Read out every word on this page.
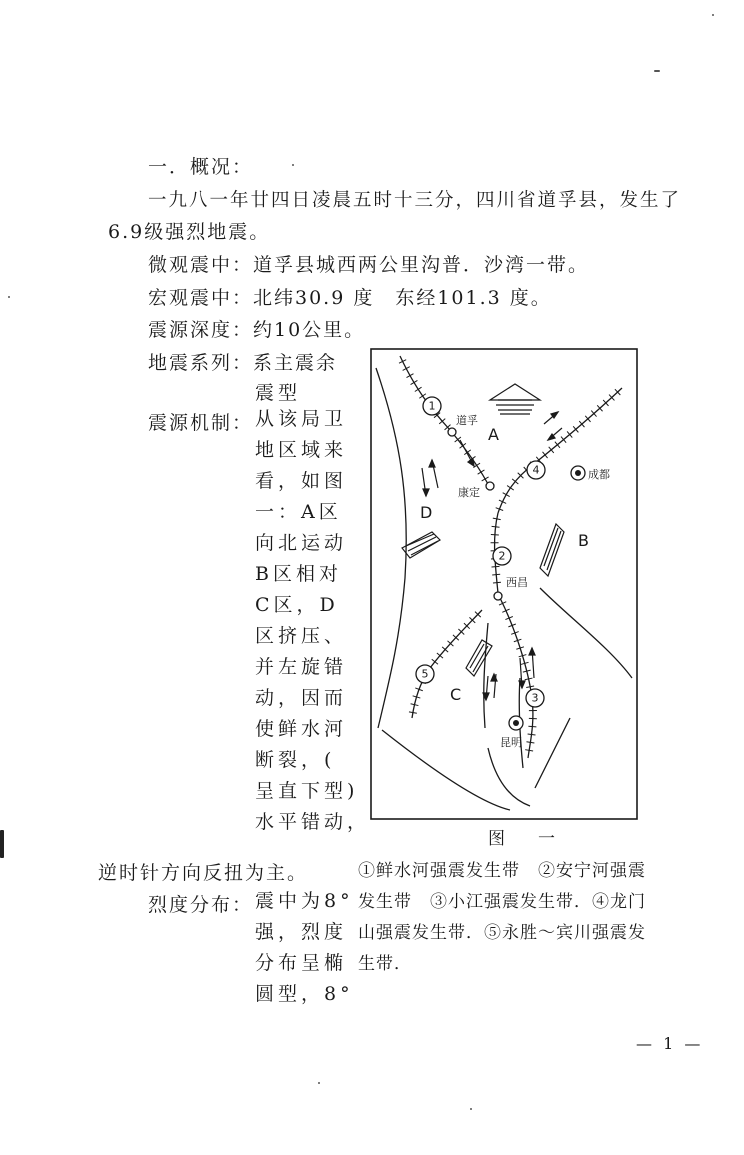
一．概况：
一九八一年廿四日凌晨五时十三分，四川省道孚县，发生了
6.9级强烈地震。
微观震中：道孚县城西两公里沟普．沙湾一带。
宏观震中：北纬30.9 度　东经101.3 度。
震源深度：约10公里。
地震系列：系主震余
震型
震源机制： 从该局卫
地区域来
看，如图
一：A区
向北运动
B区相对
C区，D
区挤压、
并左旋错
动，因而
使鲜水河
断裂，(
呈直下型)
水平错动，
逆时针方向反扭为主。
烈度分布： 震中为8°
强，烈度
分布呈椭
圆型，8°
1
4
2
3
5
A
B
C
D
道孚
康定
成都
西昌
昆明
图　一
①鲜水河强震发生带　②安宁河强震
发生带　③小江强震发生带．④龙门
山强震发生带．⑤永胜～宾川强震发
生带．
— 1 —
